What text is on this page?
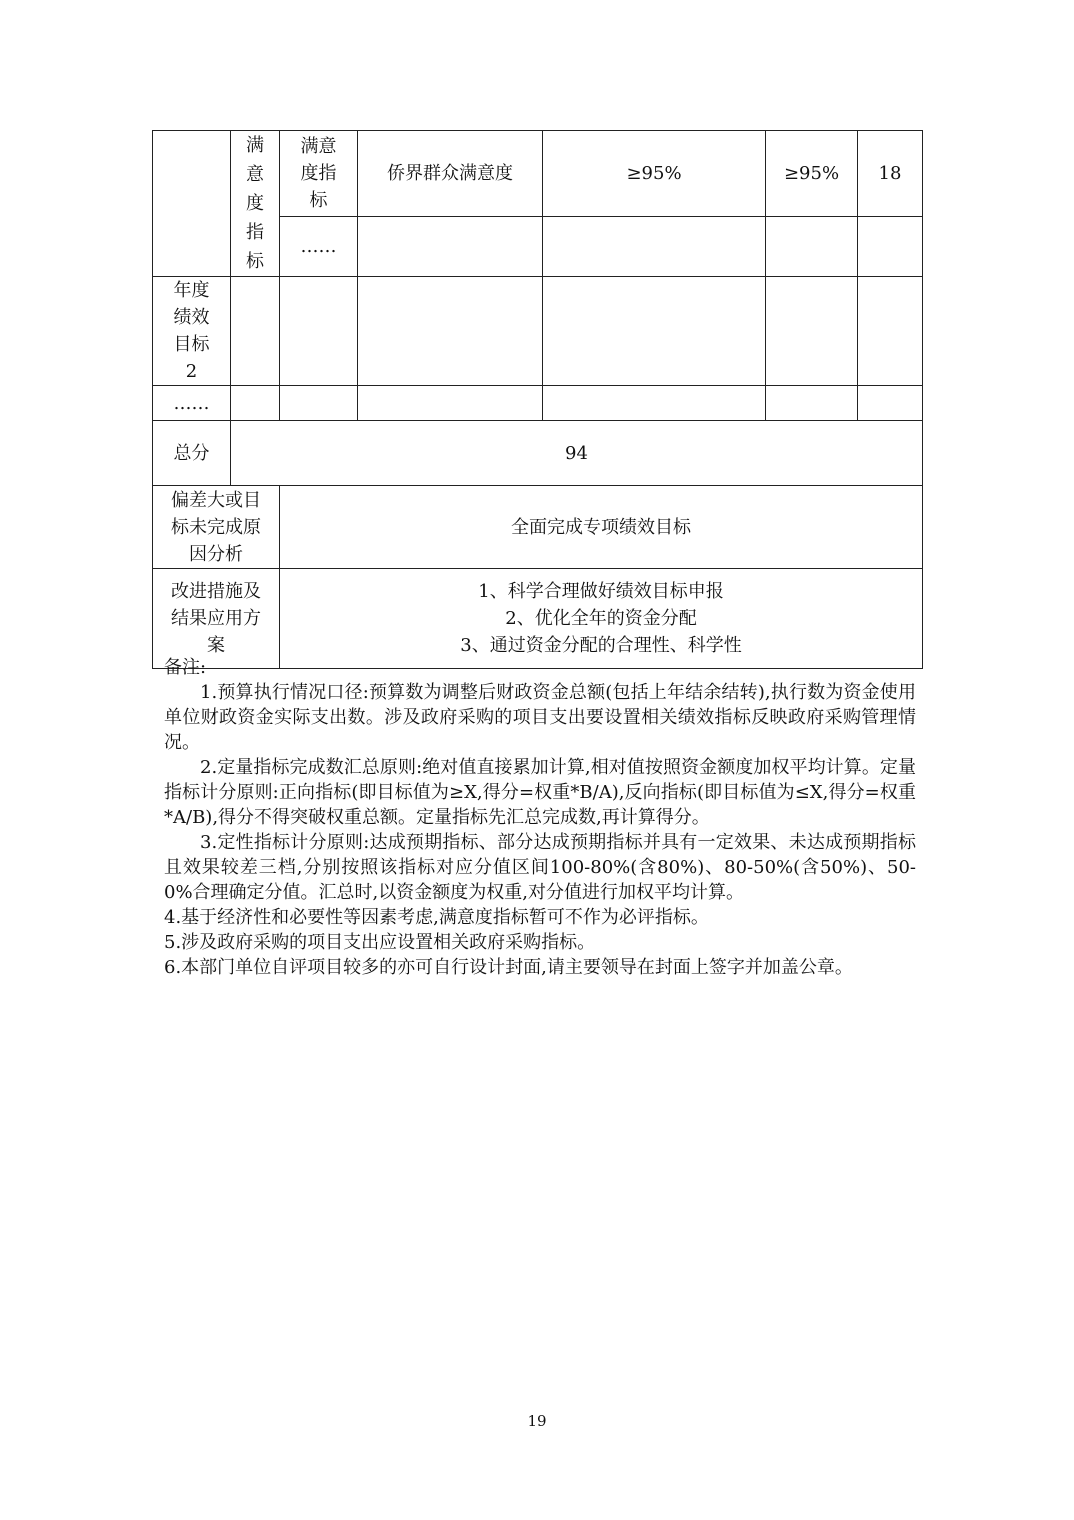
	满意度指标	满意度指标	侨界群众满意度	≥95%	≥95%	18
		……				

年度绩效目标2						

……						
总分	94					

偏差大或目标未完成原因分析		全面完成专项绩效目标				

改进措施及结果应用方案		1、科学合理做好绩效目标申报
2、优化全年的资金分配
3、通过资金分配的合理性、科学性				

备注:

1.预算执行情况口径:预算数为调整后财政资金总额(包括上年结余结转),执行数为资金使用单位财政资金实际支出数。涉及政府采购的项目支出要设置相关绩效指标反映政府采购管理情况。

2.定量指标完成数汇总原则:绝对值直接累加计算,相对值按照资金额度加权平均计算。定量指标计分原则:正向指标(即目标值为≥X,得分=权重*B/A),反向指标(即目标值为≤X,得分=权重*A/B),得分不得突破权重总额。定量指标先汇总完成数,再计算得分。

3.定性指标计分原则:达成预期指标、部分达成预期指标并具有一定效果、未达成预期指标且效果较差三档,分别按照该指标对应分值区间100-80%(含80%)、80-50%(含50%)、50-0%合理确定分值。汇总时,以资金额度为权重,对分值进行加权平均计算。

4.基于经济性和必要性等因素考虑,满意度指标暂可不作为必评指标。

5.涉及政府采购的项目支出应设置相关政府采购指标。

6.本部门单位自评项目较多的亦可自行设计封面,请主要领导在封面上签字并加盖公章。

19
